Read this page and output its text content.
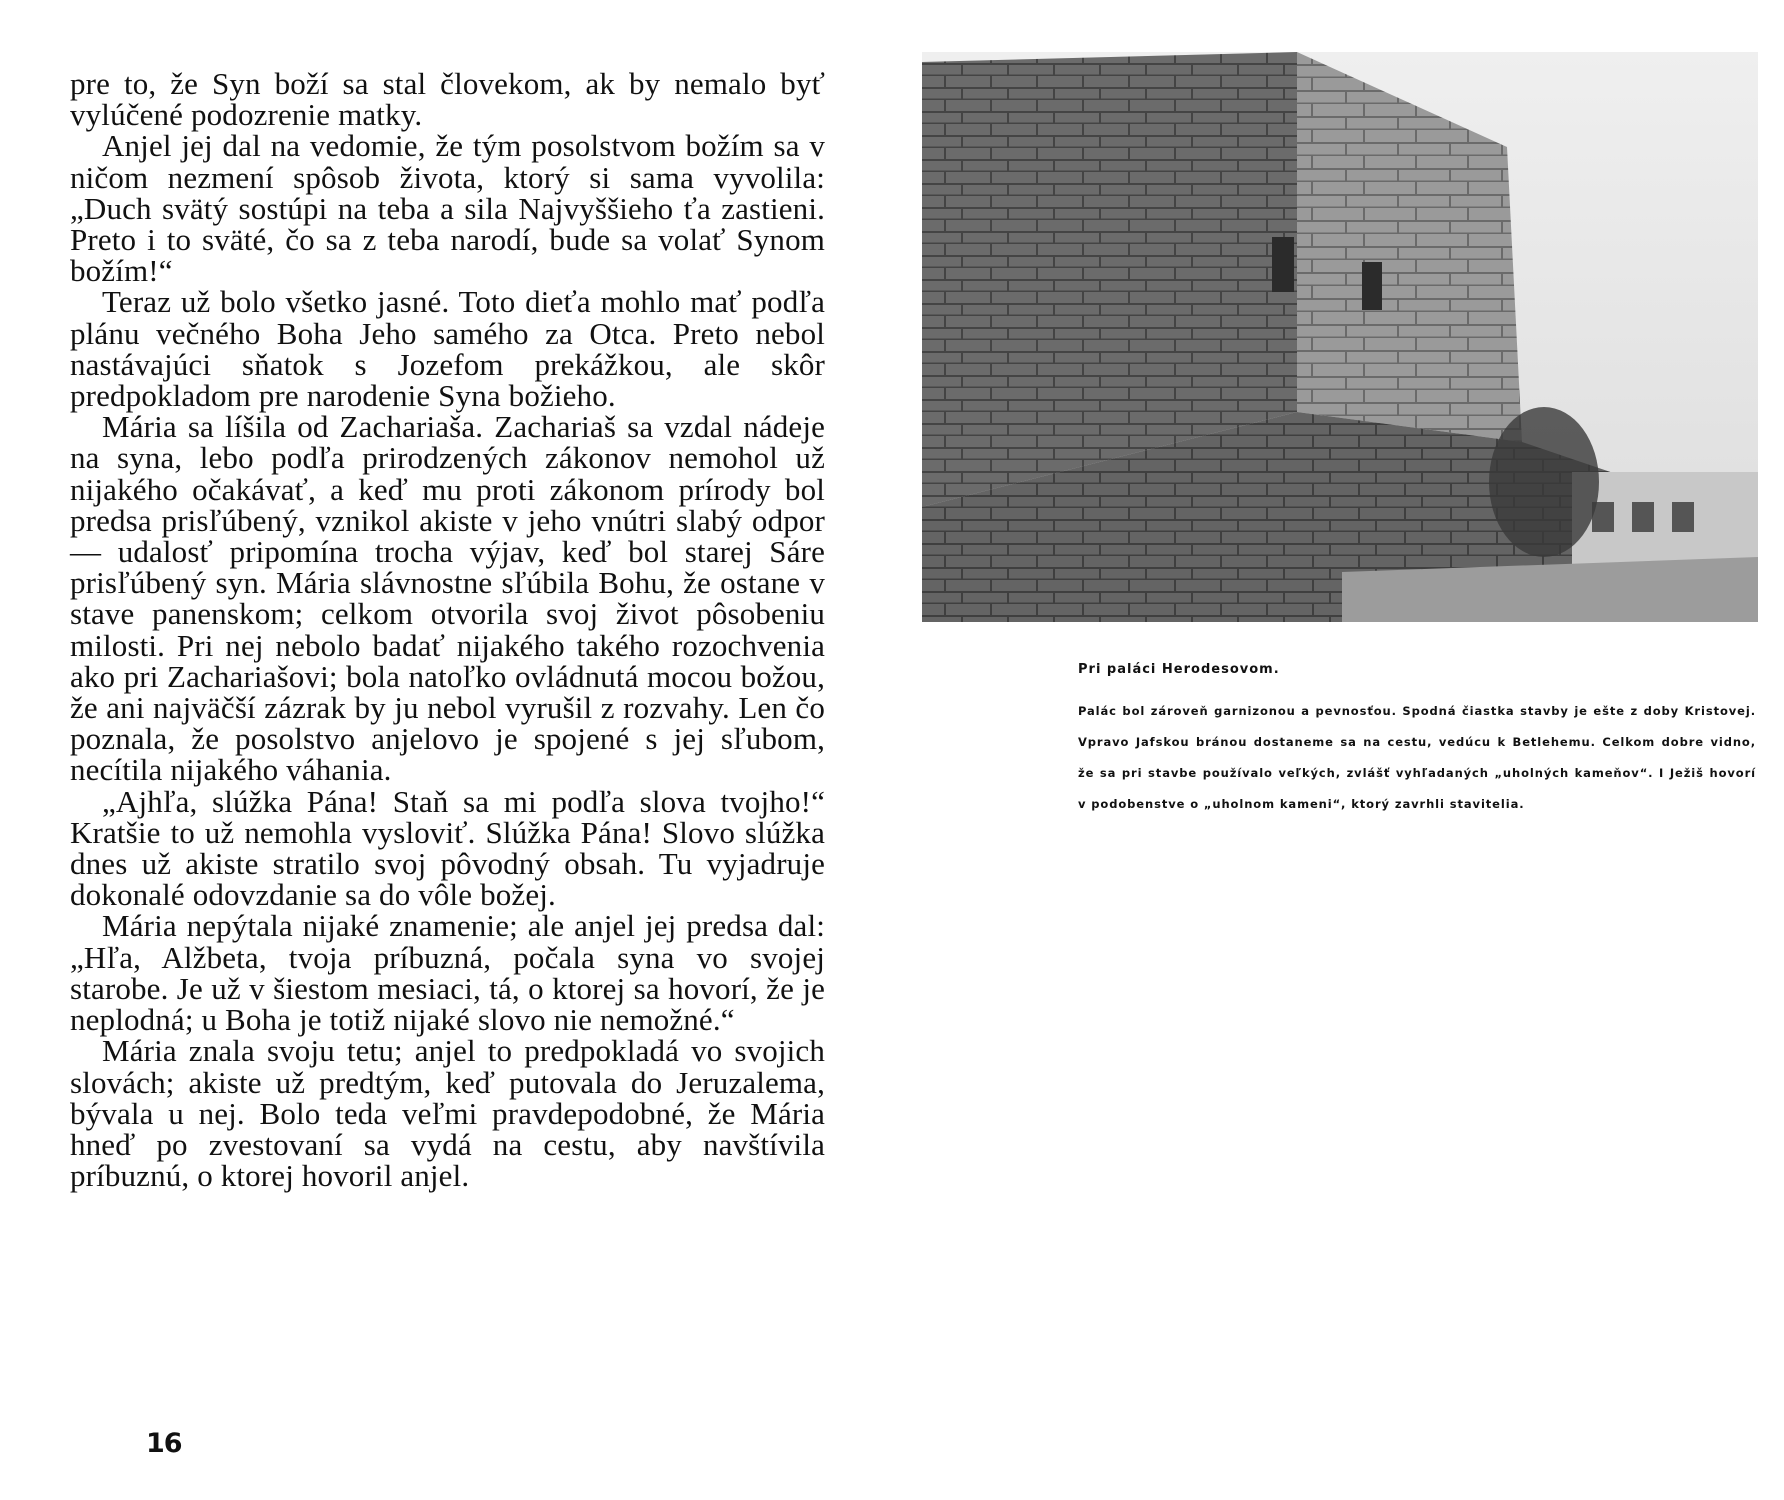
pre to, že Syn boží sa stal človekom, ak by nemalo byť vylúčené podozrenie matky.

Anjel jej dal na vedomie, že tým posolstvom božím sa v ničom nezmení spôsob života, ktorý si sama vyvolila: „Duch svätý sostúpi na teba a sila Najvyššieho ťa zastieni. Preto i to sväté, čo sa z teba narodí, bude sa volať Synom božím!“

Teraz už bolo všetko jasné. Toto dieťa mohlo mať podľa plánu večného Boha Jeho samého za Otca. Preto nebol nastávajúci sňatok s Jozefom prekážkou, ale skôr predpokladom pre narodenie Syna božieho.

Mária sa líšila od Zachariaša. Zachariaš sa vzdal nádeje na syna, lebo podľa prirodzených zákonov nemohol už nijakého očakávať, a keď mu proti zákonom prírody bol predsa prisľúbený, vznikol akiste v jeho vnútri slabý odpor — udalosť pripomína trocha výjav, keď bol starej Sáre prisľúbený syn. Mária slávnostne sľúbila Bohu, že ostane v stave panenskom; celkom otvorila svoj život pôsobeniu milosti. Pri nej nebolo badať nijakého takého rozochvenia ako pri Zachariašovi; bola natoľko ovládnutá mocou božou, že ani najväčší zázrak by ju nebol vyrušil z rozvahy. Len čo poznala, že posolstvo anjelovo je spojené s jej sľubom, necítila nijakého váhania.

„Ajhľa, slúžka Pána! Staň sa mi podľa slova tvojho!“ Kratšie to už nemohla vysloviť. Slúžka Pána! Slovo slúžka dnes už akiste stratilo svoj pôvodný obsah. Tu vyjadruje dokonalé odovzdanie sa do vôle božej.

Mária nepýtala nijaké znamenie; ale anjel jej predsa dal: „Hľa, Alžbeta, tvoja príbuzná, počala syna vo svojej starobe. Je už v šiestom mesiaci, tá, o ktorej sa hovorí, že je neplodná; u Boha je totiž nijaké slovo nie nemožné.“

Mária znala svoju tetu; anjel to predpokladá vo svojich slovách; akiste už predtým, keď putovala do Jeruzalema, bývala u nej. Bolo teda veľmi pravdepodobné, že Mária hneď po zvestovaní sa vydá na cestu, aby navštívila príbuznú, o ktorej hovoril anjel.

16

Pri paláci Herodesovom.

Palác bol zároveň garnizonou a pevnosťou. Spodná čiastka stavby je ešte z doby Kristovej. Vpravo Jafskou bránou dostaneme sa na cestu, vedúcu k Betlehemu. Celkom dobre vidno, že sa pri stavbe používalo veľkých, zvlášť vyhľadaných „uholných kameňov“. I Ježiš hovorí v podobenstve o „uholnom kameni“, ktorý zavrhli stavitelia.
